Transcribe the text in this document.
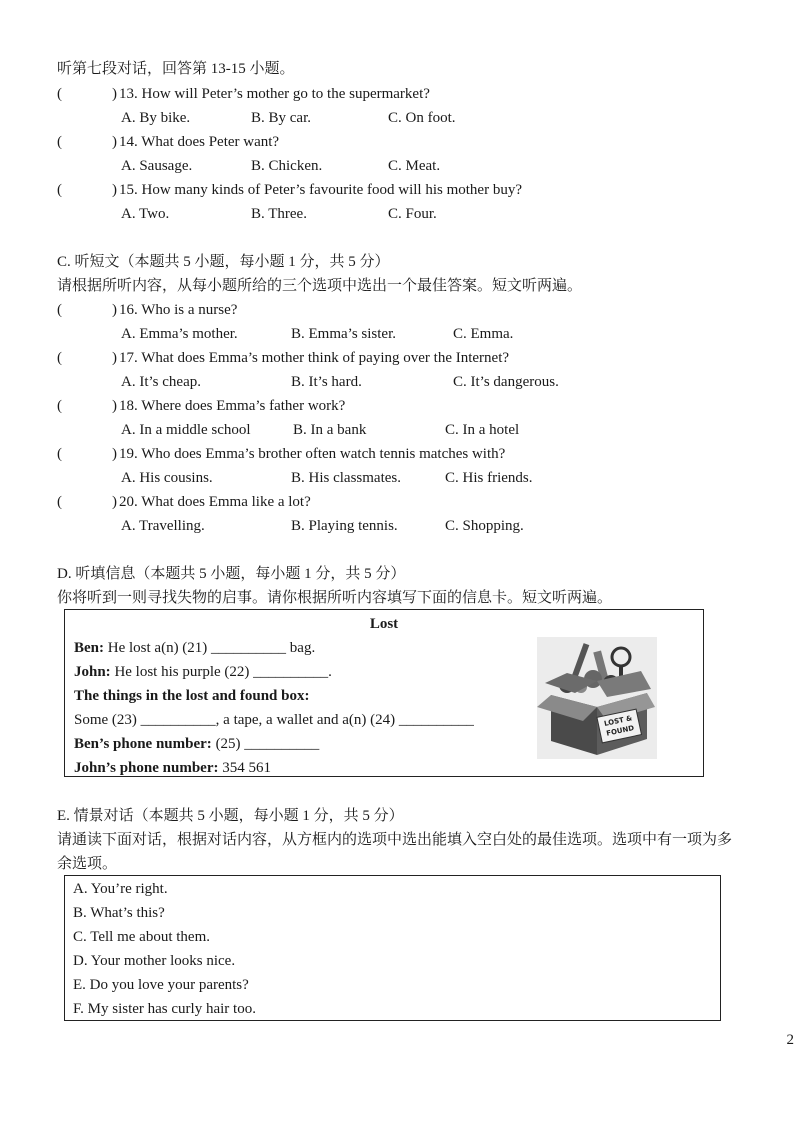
听第七段对话，回答第 13-15 小题。
(	) 13. How will Peter’s mother go to the supermarket?
A. By bike.	B. By car.	C. On foot.
(	) 14. What does Peter want?
A. Sausage.	B. Chicken.	C. Meat.
(	) 15. How many kinds of Peter’s favourite food will his mother buy?
A. Two.	B. Three.	C. Four.
C. 听短文（本题共 5 小题，每小题 1 分，共 5 分）
请根据所听内容，从每小题所给的三个选项中选出一个最佳答案。短文听两遍。
(	) 16. Who is a nurse?
A. Emma’s mother.	B. Emma’s sister.	C. Emma.
(	) 17. What does Emma’s mother think of paying over the Internet?
A. It’s cheap.	B. It’s hard.	C. It’s dangerous.
(	) 18. Where does Emma’s father work?
A. In a middle school	B. In a bank	C. In a hotel
(	) 19. Who does Emma’s brother often watch tennis matches with?
A. His cousins.	B. His classmates.	C. His friends.
(	) 20. What does Emma like a lot?
A. Travelling.	B. Playing tennis.	C. Shopping.
D. 听填信息（本题共 5 小题，每小题 1 分，共 5 分）
你将听到一则寻找失物的启事。请你根据所听内容填写下面的信息卡。短文听两遍。
Lost
Ben: He lost a(n) (21) __________ bag.
John: He lost his purple (22) __________.
The things in the lost and found box:
Some (23) __________, a tape, a wallet and a(n) (24) __________
Ben’s phone number: (25) __________
John’s phone number: 354 561
LOST &
FOUND
E. 情景对话（本题共 5 小题，每小题 1 分，共 5 分）
请通读下面对话，根据对话内容，从方框内的选项中选出能填入空白处的最佳选项。选项中有一项为多
余选项。
A. You’re right.
B. What’s this?
C. Tell me about them.
D. Your mother looks nice.
E. Do you love your parents?
F. My sister has curly hair too.
2
